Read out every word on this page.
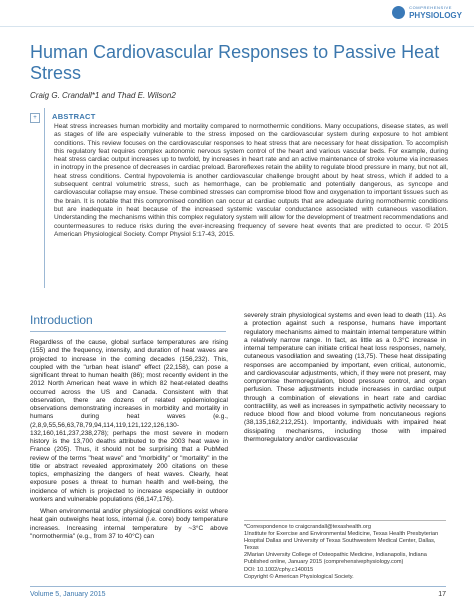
COMPREHENSIVE
PHYSIOLOGY
Human Cardiovascular Responses to Passive Heat Stress
Craig G. Crandall*1 and Thad E. Wilson2
+	ABSTRACT
Heat stress increases human morbidity and mortality compared to normothermic conditions. Many occupations, disease states, as well as stages of life are especially vulnerable to the stress imposed on the cardiovascular system during exposure to hot ambient conditions. This review focuses on the cardiovascular responses to heat stress that are necessary for heat dissipation. To accomplish this regulatory feat requires complex autonomic nervous system control of the heart and various vascular beds. For example, during heat stress cardiac output increases up to twofold, by increases in heart rate and an active maintenance of stroke volume via increases in inotropy in the presence of decreases in cardiac preload. Baroreflexes retain the ability to regulate blood pressure in many, but not all, heat stress conditions. Central hypovolemia is another cardiovascular challenge brought about by heat stress, which if added to a subsequent central volumetric stress, such as hemorrhage, can be problematic and potentially dangerous, as syncope and cardiovascular collapse may ensue. These combined stresses can compromise blood flow and oxygenation to important tissues such as the brain. It is notable that this compromised condition can occur at cardiac outputs that are adequate during normothermic conditions but are inadequate in heat because of the increased systemic vascular conductance associated with cutaneous vasodilation. Understanding the mechanisms within this complex regulatory system will allow for the development of treatment recommendations and countermeasures to reduce risks during the ever-increasing frequency of severe heat events that are predicted to occur. © 2015 American Physiological Society. Compr Physiol 5:17-43, 2015.
Introduction

Regardless of the cause, global surface temperatures are rising (155) and the frequency, intensity, and duration of heat waves are projected to increase in the coming decades (156,232). This, coupled with the "urban heat island" effect (22,158), can pose a significant threat to human health (86); most recently evident in the 2012 North American heat wave in which 82 heat-related deaths occurred across the US and Canada. Consistent with that observation, there are dozens of related epidemiological observations demonstrating increases in morbidity and mortality in humans during heat waves (e.g., (2,8,9,55,56,63,78,79,94,114,119,121,122,126,130-132,160,161,237,238,278); perhaps the most severe in modern history is the 13,700 deaths attributed to the 2003 heat wave in France (205). Thus, it should not be surprising that a PubMed review of the terms "heat wave" and "morbidity" or "mortality" in the title or abstract revealed approximately 200 citations on these topics, emphasizing the dangers of heat waves. Clearly, heat exposure poses a threat to human health and well-being, the incidence of which is projected to increase especially in outdoor workers and vulnerable populations (66,147,176).

When environmental and/or physiological conditions exist where heat gain outweighs heat loss, internal (i.e. core) body temperature increases. Increasing internal temperature by ~3°C above "normothermia" (e.g., from 37 to 40°C) can

severely strain physiological systems and even lead to death (11). As a protection against such a response, humans have important regulatory mechanisms aimed to maintain internal temperature within a relatively narrow range. In fact, as little as a 0.3°C increase in internal temperature can initiate critical heat loss responses, namely, cutaneous vasodilation and sweating (13,75). These heat dissipating responses are accompanied by important, even critical, autonomic, and cardiovascular adjustments, which, if they were not present, may compromise thermoregulation, blood pressure control, and organ perfusion. These adjustments include increases in cardiac output through a combination of elevations in heart rate and cardiac contractility, as well as increases in sympathetic activity necessary to reduce blood flow and blood volume from noncutaneous regions (38,135,162,212,251). Importantly, individuals with impaired heat dissipating mechanisms, including those with impaired thermoregulatory and/or cardiovascular
*Correspondence to craigcrandall@texashealth.org
1Institute for Exercise and Environmental Medicine, Texas Health Presbyterian Hospital Dallas and University of Texas Southwestern Medical Center, Dallas, Texas
2Marian University College of Osteopathic Medicine, Indianapolis, Indiana
Published online, January 2015 (comprehensivephysiology.com)
DOI: 10.1002/cphy.c140015
Copyright © American Physiological Society.
Volume 5, January 2015	17
